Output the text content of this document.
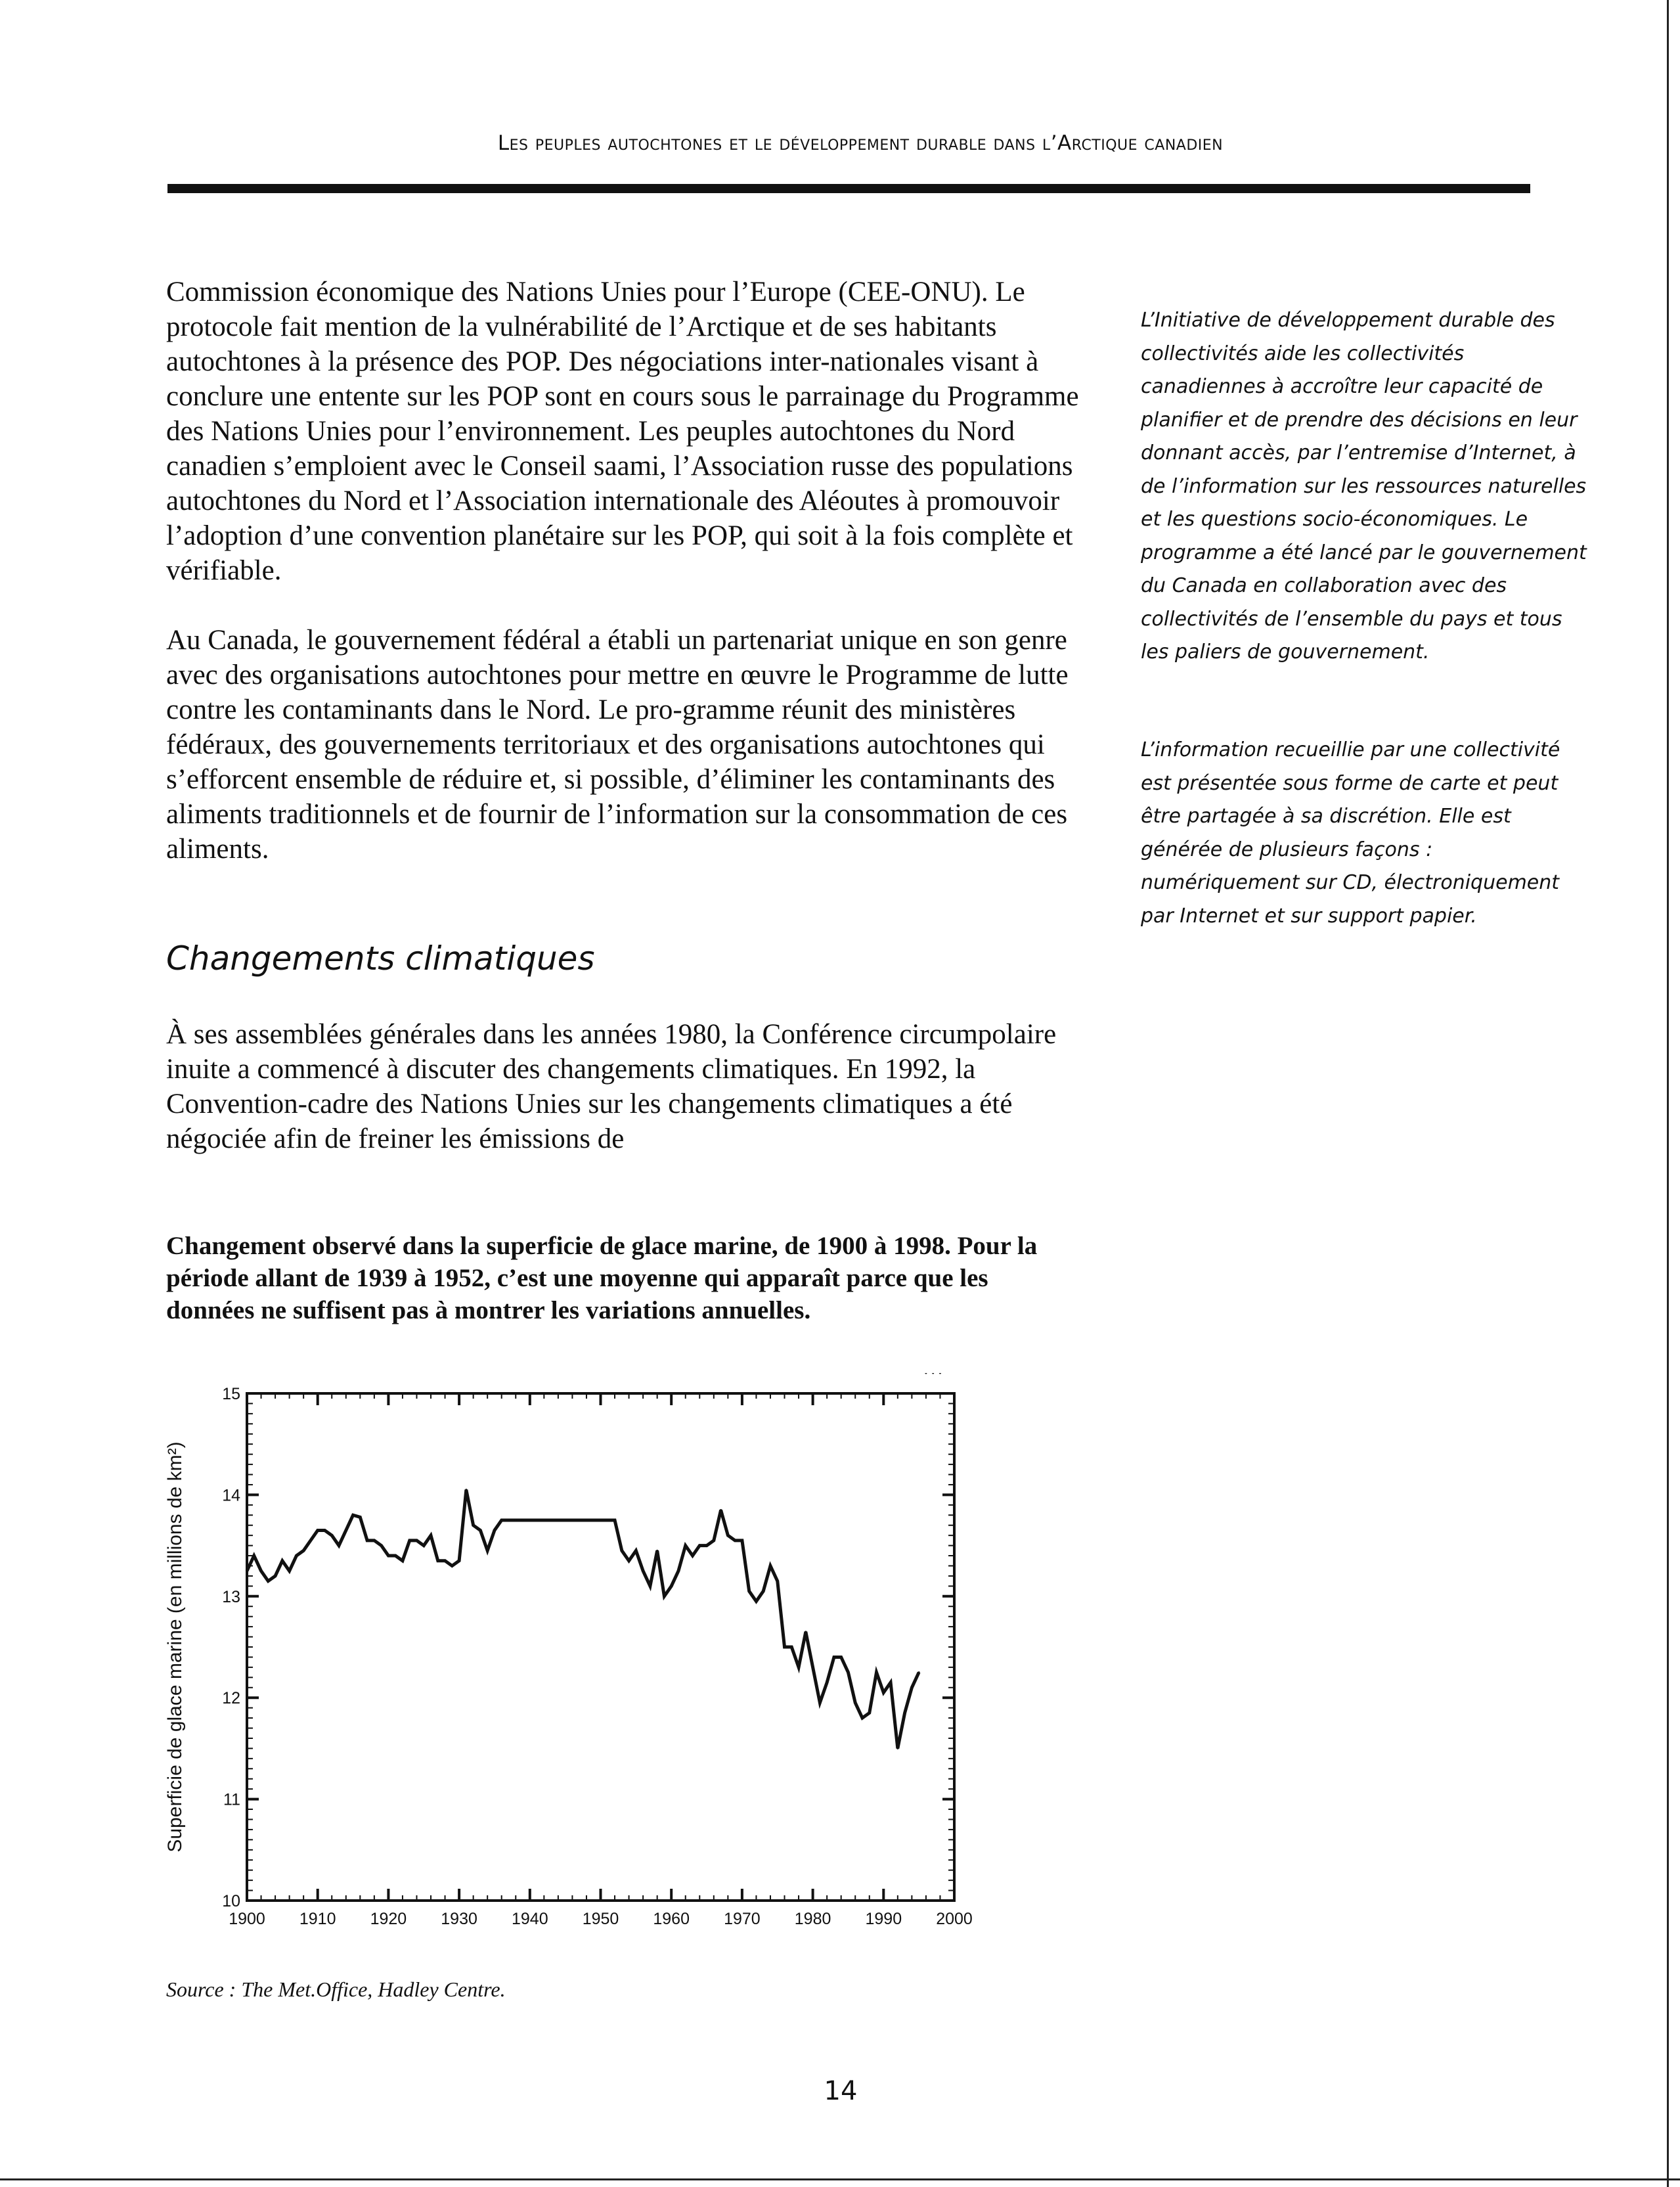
Les peuples autochtones et le développement durable dans l’Arctique canadien

Commission économique des Nations Unies pour l’Europe (CEE-ONU). Le protocole fait mention de la vulnérabilité de l’Arctique et de ses habitants autochtones à la présence des POP. Des négociations inter-nationales visant à conclure une entente sur les POP sont en cours sous le parrainage du Programme des Nations Unies pour l’environnement. Les peuples autochtones du Nord canadien s’emploient avec le Conseil saami, l’Association russe des populations autochtones du Nord et l’Association internationale des Aléoutes à promouvoir l’adoption d’une convention planétaire sur les POP, qui soit à la fois complète et vérifiable.

Au Canada, le gouvernement fédéral a établi un partenariat unique en son genre avec des organisations autochtones pour mettre en œuvre le Programme de lutte contre les contaminants dans le Nord. Le pro-gramme réunit des ministères fédéraux, des gouvernements territoriaux et des organisations autochtones qui s’efforcent ensemble de réduire et, si possible, d’éliminer les contaminants des aliments traditionnels et de fournir de l’information sur la consommation de ces aliments.

Changements climatiques

À ses assemblées générales dans les années 1980, la Conférence circumpolaire inuite a commencé à discuter des changements climatiques. En 1992, la Convention-cadre des Nations Unies sur les changements climatiques a été négociée afin de freiner les émissions de

L’Initiative de développement durable des collectivités aide les collectivités canadiennes à accroître leur capacité de planifier et de prendre des décisions en leur donnant accès, par l’entremise d’Internet, à de l’information sur les ressources naturelles et les questions socio-économiques. Le programme a été lancé par le gouvernement du Canada en collaboration avec des collectivités de l’ensemble du pays et tous les paliers de gouvernement.

L’information recueillie par une collectivité est présentée sous forme de carte et peut être partagée à sa discrétion. Elle est générée de plusieurs façons : numériquement sur CD, électroniquement par Internet et sur support papier.

Changement observé dans la superficie de glace marine, de 1900 à 1998. Pour la période allant de 1939 à 1952, c’est une moyenne qui apparaît parce que les données ne suffisent pas à montrer les variations annuelles.
1900 1910 1920 1930 1940 1950 1960 1970 1980 1990 2000
10
11
12
13
14
15
Superficie de glace marine (en millions de km²)
Source : The Met.Office, Hadley Centre.
14
